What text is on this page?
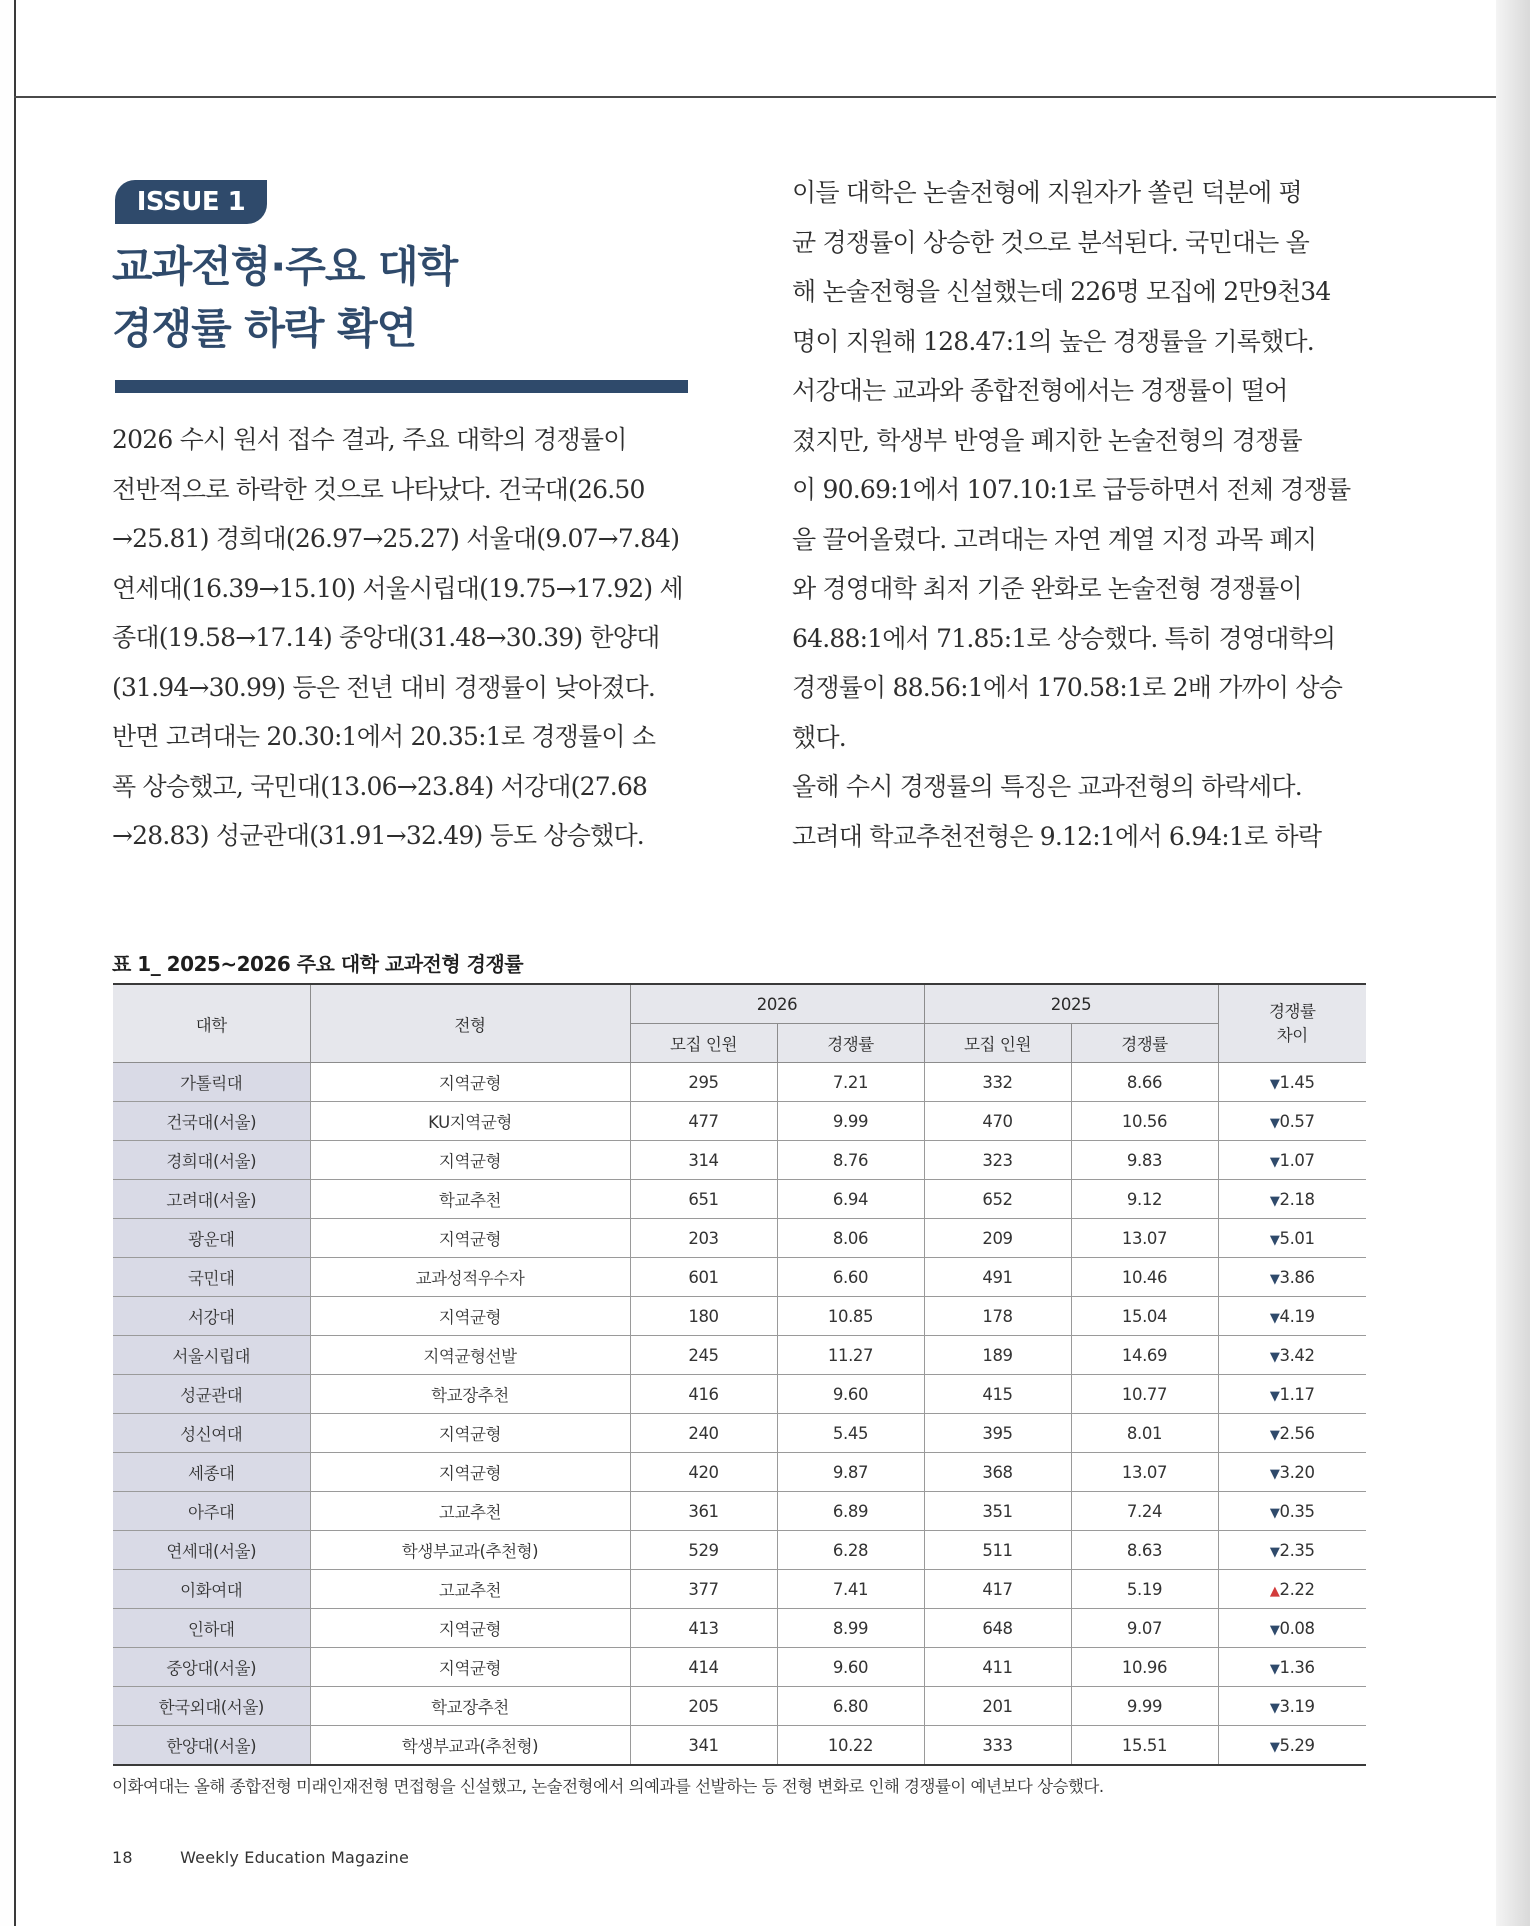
ISSUE 1
교과전형·주요 대학
경쟁률 하락 확연
2026 수시 원서 접수 결과, 주요 대학의 경쟁률이
전반적으로 하락한 것으로 나타났다. 건국대(26.50
→25.81) 경희대(26.97→25.27) 서울대(9.07→7.84)
연세대(16.39→15.10) 서울시립대(19.75→17.92) 세
종대(19.58→17.14) 중앙대(31.48→30.39) 한양대
(31.94→30.99) 등은 전년 대비 경쟁률이 낮아졌다.
반면 고려대는 20.30:1에서 20.35:1로 경쟁률이 소
폭 상승했고, 국민대(13.06→23.84) 서강대(27.68
→28.83) 성균관대(31.91→32.49) 등도 상승했다.
이들 대학은 논술전형에 지원자가 쏠린 덕분에 평
균 경쟁률이 상승한 것으로 분석된다. 국민대는 올
해 논술전형을 신설했는데 226명 모집에 2만9천34
명이 지원해 128.47:1의 높은 경쟁률을 기록했다.
서강대는 교과와 종합전형에서는 경쟁률이 떨어
졌지만, 학생부 반영을 폐지한 논술전형의 경쟁률
이 90.69:1에서 107.10:1로 급등하면서 전체 경쟁률
을 끌어올렸다. 고려대는 자연 계열 지정 과목 폐지
와 경영대학 최저 기준 완화로 논술전형 경쟁률이
64.88:1에서 71.85:1로 상승했다. 특히 경영대학의
경쟁률이 88.56:1에서 170.58:1로 2배 가까이 상승
했다.
올해 수시 경쟁률의 특징은 교과전형의 하락세다.
고려대 학교추천전형은 9.12:1에서 6.94:1로 하락
표 1_ 2025~2026 주요 대학 교과전형 경쟁률
대학	전형	2026		2025		경쟁률 차이
		모집 인원	경쟁률	모집 인원	경쟁률	
가톨릭대	지역균형	295	7.21	332	8.66	▼1.45
건국대(서울)	KU지역균형	477	9.99	470	10.56	▼0.57
경희대(서울)	지역균형	314	8.76	323	9.83	▼1.07
고려대(서울)	학교추천	651	6.94	652	9.12	▼2.18
광운대	지역균형	203	8.06	209	13.07	▼5.01
국민대	교과성적우수자	601	6.60	491	10.46	▼3.86
서강대	지역균형	180	10.85	178	15.04	▼4.19
서울시립대	지역균형선발	245	11.27	189	14.69	▼3.42
성균관대	학교장추천	416	9.60	415	10.77	▼1.17
성신여대	지역균형	240	5.45	395	8.01	▼2.56
세종대	지역균형	420	9.87	368	13.07	▼3.20
아주대	고교추천	361	6.89	351	7.24	▼0.35
연세대(서울)	학생부교과(추천형)	529	6.28	511	8.63	▼2.35
이화여대	고교추천	377	7.41	417	5.19	▲2.22
인하대	지역균형	413	8.99	648	9.07	▼0.08
중앙대(서울)	지역균형	414	9.60	411	10.96	▼1.36
한국외대(서울)	학교장추천	205	6.80	201	9.99	▼3.19
한양대(서울)	학생부교과(추천형)	341	10.22	333	15.51	▼5.29
이화여대는 올해 종합전형 미래인재전형 면접형을 신설했고, 논술전형에서 의예과를 선발하는 등 전형 변화로 인해 경쟁률이 예년보다 상승했다.
18	Weekly Education Magazine
